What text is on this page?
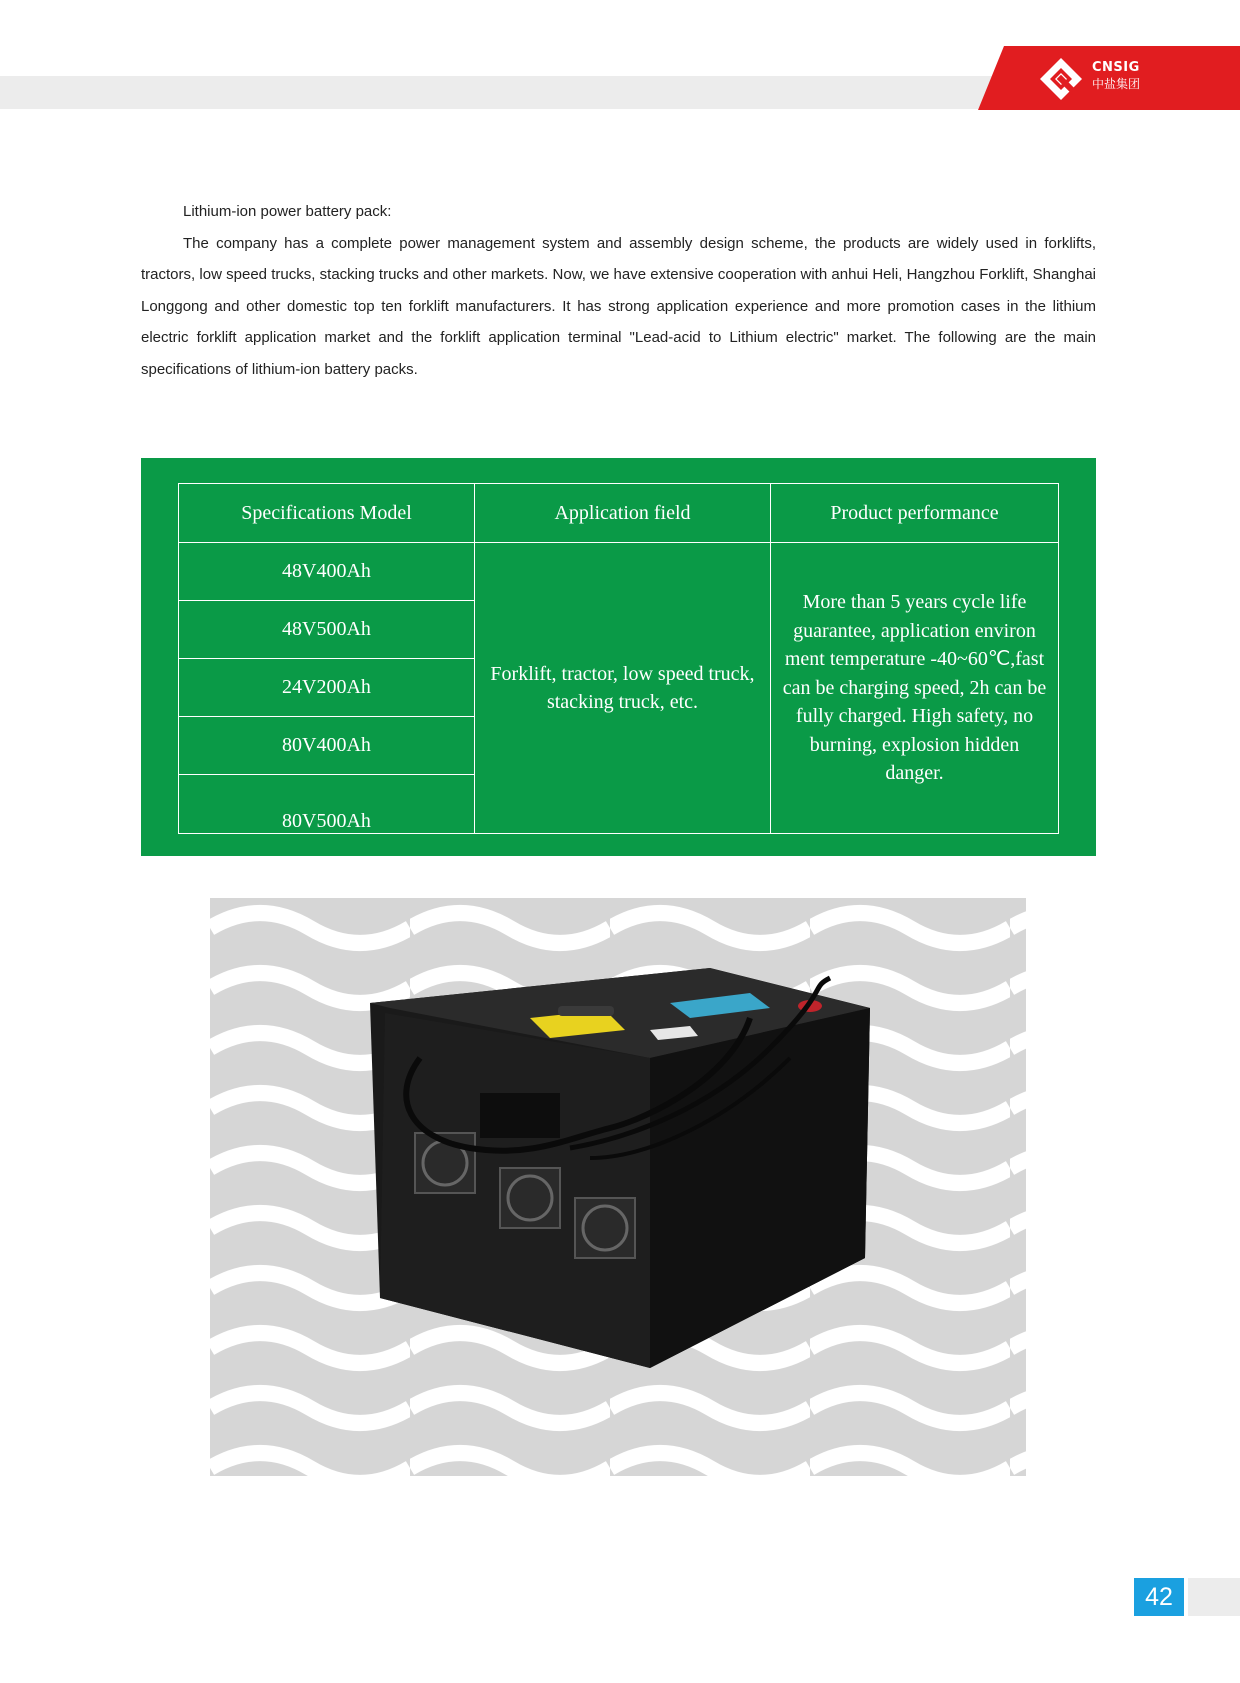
CNSIG
中盐集团

Lithium-ion power battery pack:

The company has a complete power management system and assembly design scheme, the products are widely used in forklifts, tractors, low speed trucks, stacking trucks and other markets. Now, we have extensive cooperation with anhui Heli, Hangzhou Forklift, Shanghai Longgong and other domestic top ten forklift manufacturers. It has strong application experience and more promotion cases in the lithium electric forklift application market and the forklift application terminal "Lead-acid to Lithium electric" market. The following are the main specifications of lithium-ion battery packs.

Specifications Model	Application field	Product performance
48V400Ah	Forklift, tractor, low speed truck, stacking truck, etc.	More than 5 years cycle life guarantee, application environ ment temperature -40~60℃,fast can be charging speed, 2h can be fully charged. High safety, no burning, explosion hidden danger.
48V500Ah		
24V200Ah		
80V400Ah		
80V500Ah		
42
